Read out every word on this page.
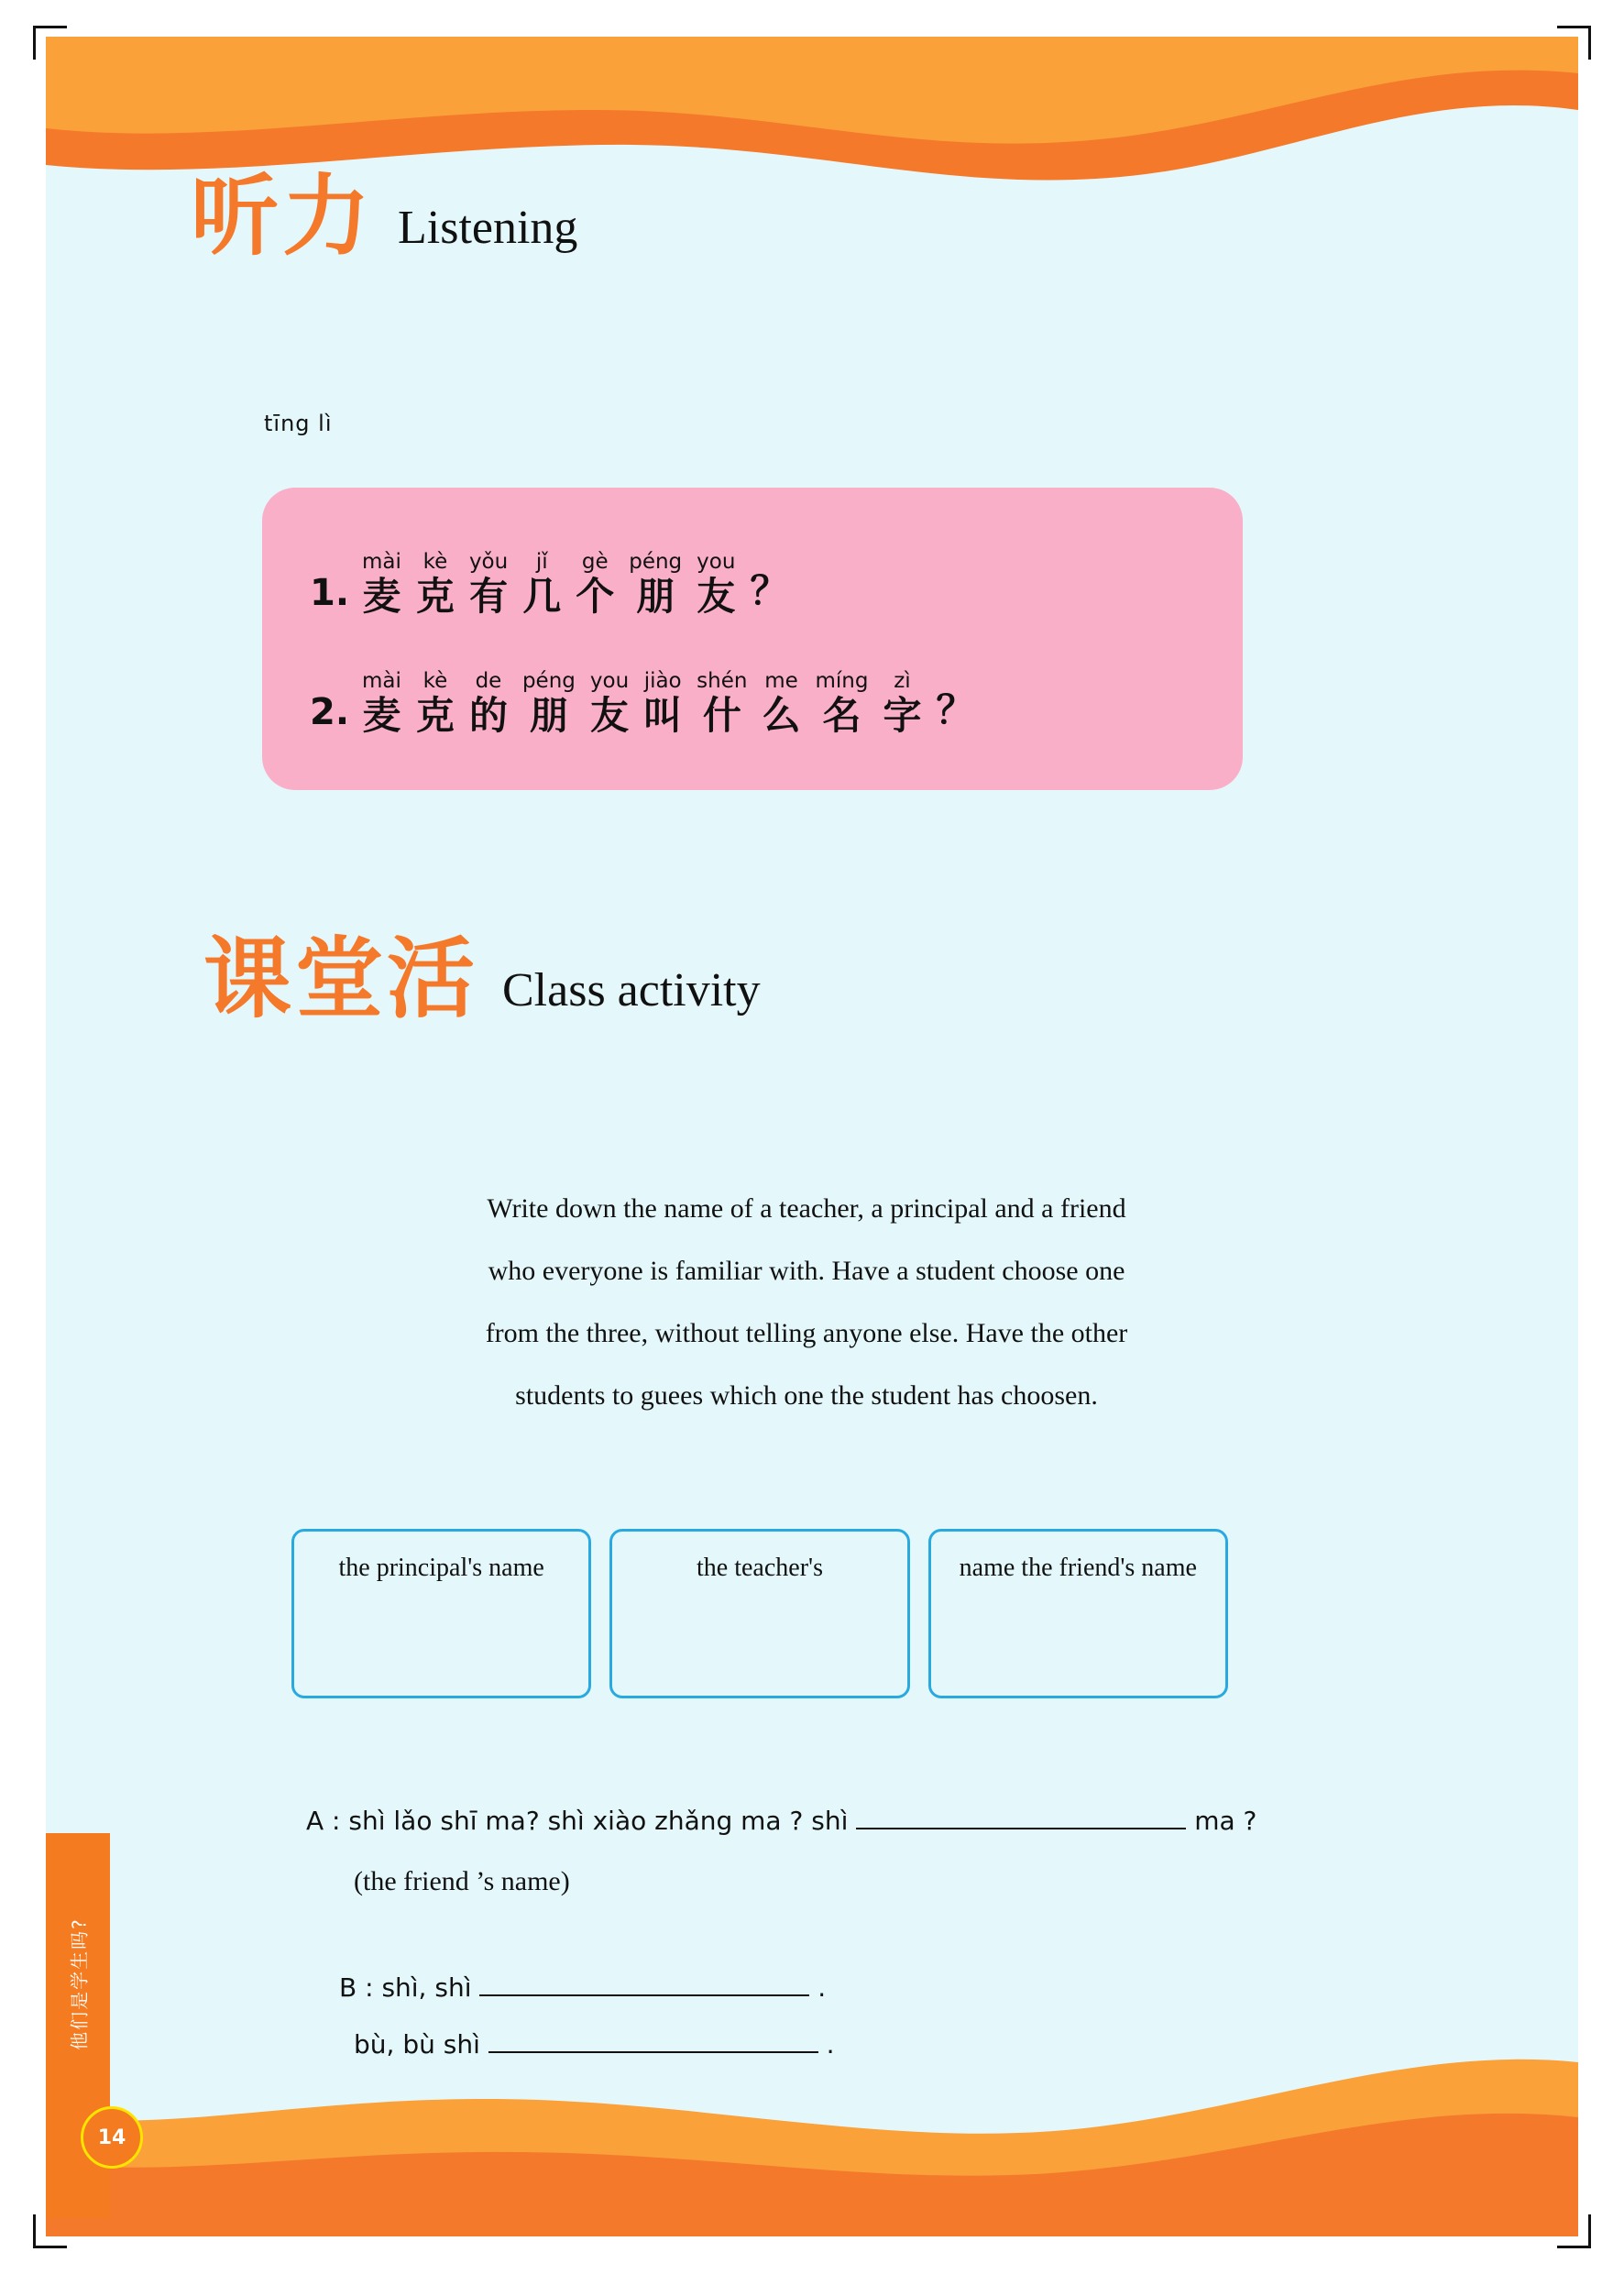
他们是学生吗?
听力 Listening
tīng lì
1.
mài
麦
kè
克
yǒu
有
jǐ
几
gè
个
péng
朋
you
友 ？
2.
mài
麦
kè
克
de
的
péng
朋
you
友
jiào
叫
shén
什
me
么
míng
名
zì
字 ？
课堂活 Class activity
Write down the name of a teacher, a principal and a friend
who everyone is familiar with. Have a student choose one
from the three, without telling anyone else. Have the other
students to guees which one the student has choosen.
the principal's name	the teacher's	name the friend's name
A : shì lǎo shī ma? shì xiào zhǎng ma ? shì	ma ?
(the friend ’s name)
B : shì, shì	.
bù, bù shì	.
14
